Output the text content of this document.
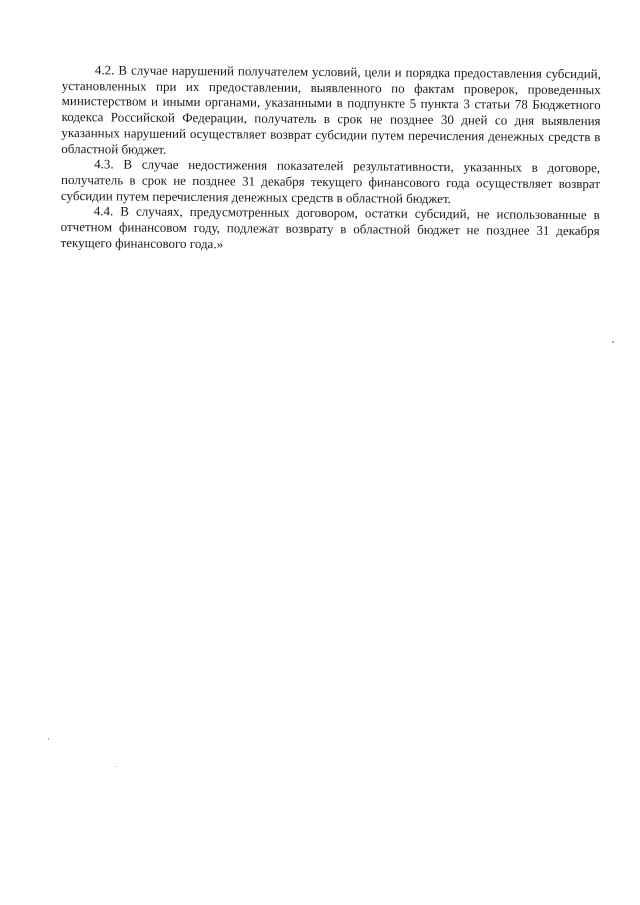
4.2. В случае нарушений получателем условий, цели и порядка предоставления субсидий, установленных при их предоставлении, выявленного по фактам проверок, проведенных министерством и иными органами, указанными в подпункте 5 пункта 3 статьи 78 Бюджетного кодекса Российской Федерации, получатель в срок не позднее 30 дней со дня выявления указанных нарушений осуществляет возврат субсидии путем перечисления денежных средств в областной бюджет.

4.3. В случае недостижения показателей результативности, указанных в договоре, получатель в срок не позднее 31 декабря текущего финансового года осуществляет возврат субсидии путем перечисления денежных средств в областной бюджет.

4.4. В случаях, предусмотренных договором, остатки субсидий, не использованные в отчетном финансовом году, подлежат возврату в областной бюджет не позднее 31 декабря текущего финансового года.»
